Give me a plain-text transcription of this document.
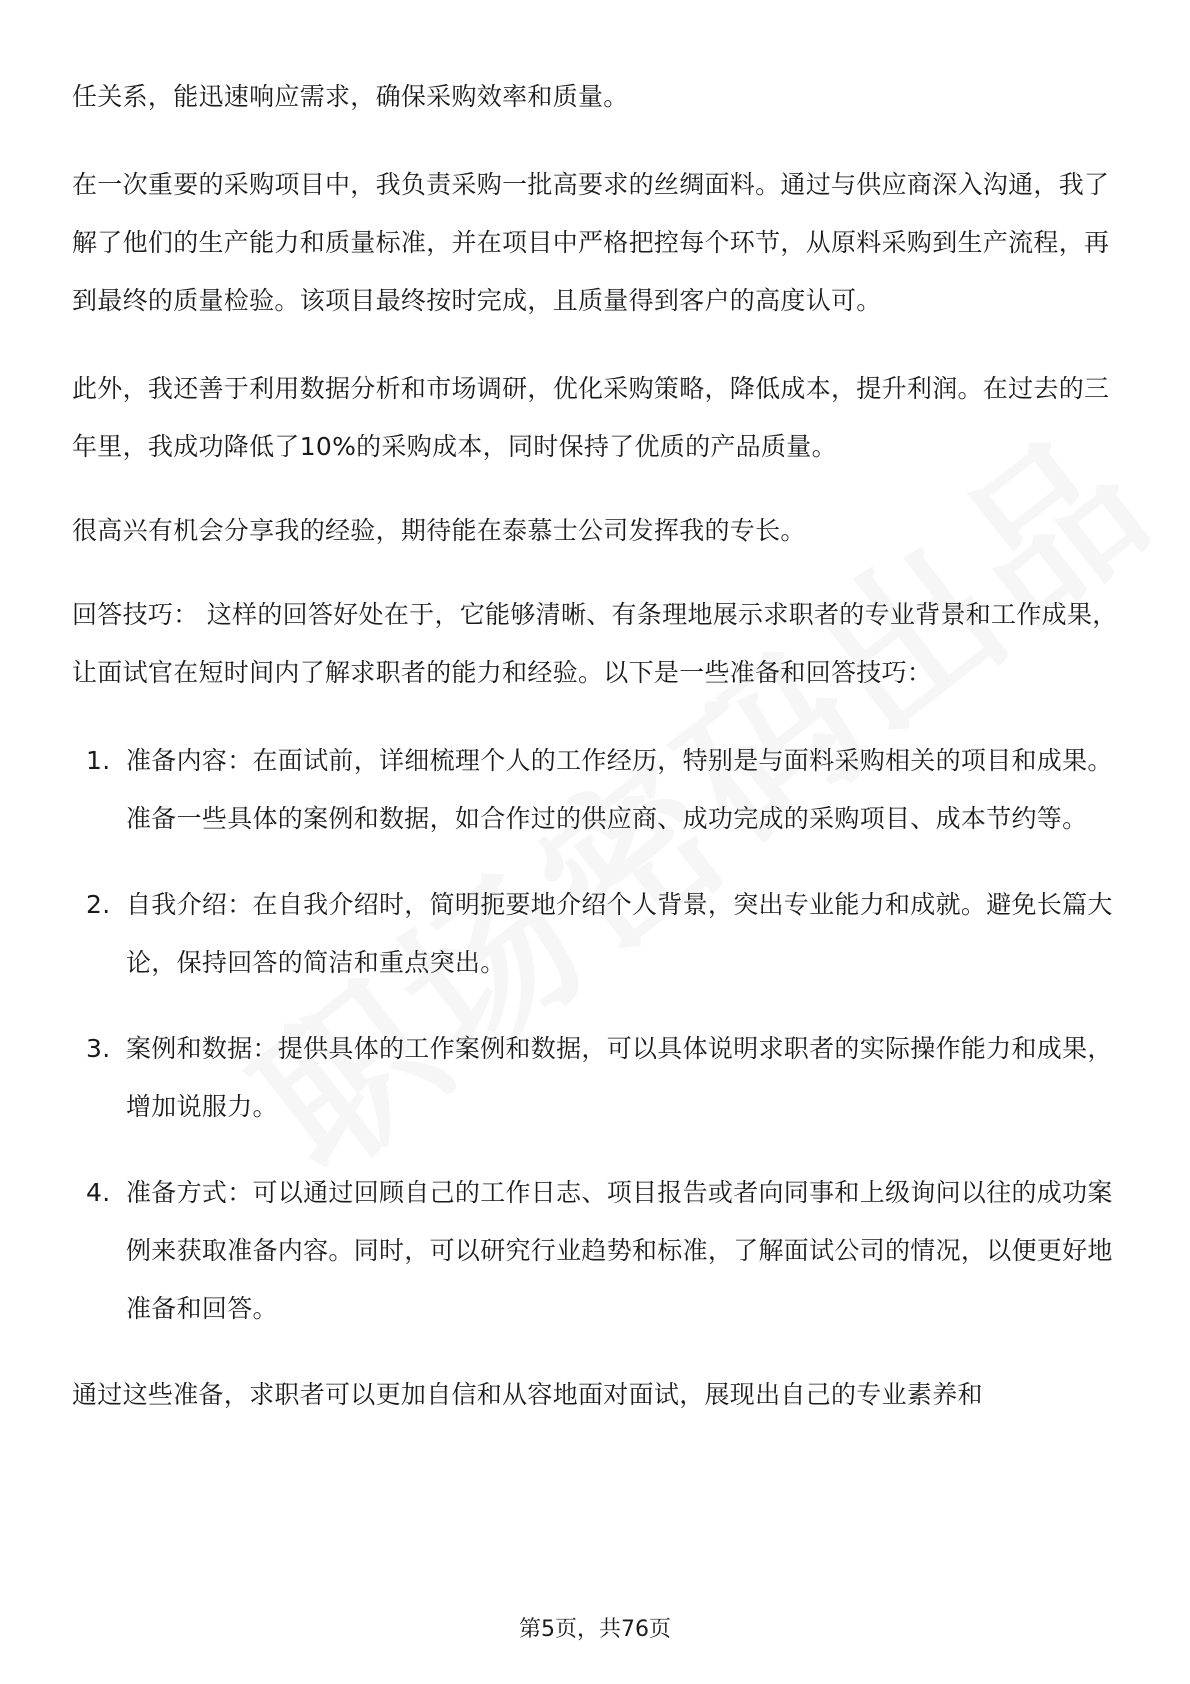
任关系，能迅速响应需求，确保采购效率和质量。

在一次重要的采购项目中，我负责采购一批高要求的丝绸面料。通过与供应商深入沟通，我了解了他们的生产能力和质量标准，并在项目中严格把控每个环节，从原料采购到生产流程，再到最终的质量检验。该项目最终按时完成，且质量得到客户的高度认可。

此外，我还善于利用数据分析和市场调研，优化采购策略，降低成本，提升利润。在过去的三年里，我成功降低了10%的采购成本，同时保持了优质的产品质量。

很高兴有机会分享我的经验，期待能在泰慕士公司发挥我的专长。

回答技巧： 这样的回答好处在于，它能够清晰、有条理地展示求职者的专业背景和工作成果，让面试官在短时间内了解求职者的能力和经验。以下是一些准备和回答技巧：

1. 准备内容：在面试前，详细梳理个人的工作经历，特别是与面料采购相关的项目和成果。准备一些具体的案例和数据，如合作过的供应商、成功完成的采购项目、成本节约等。
2. 自我介绍：在自我介绍时，简明扼要地介绍个人背景，突出专业能力和成就。避免长篇大论，保持回答的简洁和重点突出。
3. 案例和数据：提供具体的工作案例和数据，可以具体说明求职者的实际操作能力和成果，增加说服力。
4. 准备方式：可以通过回顾自己的工作日志、项目报告或者向同事和上级询问以往的成功案例来获取准备内容。同时，可以研究行业趋势和标准，了解面试公司的情况，以便更好地准备和回答。

通过这些准备，求职者可以更加自信和从容地面对面试，展现出自己的专业素养和

第5页，共76页
